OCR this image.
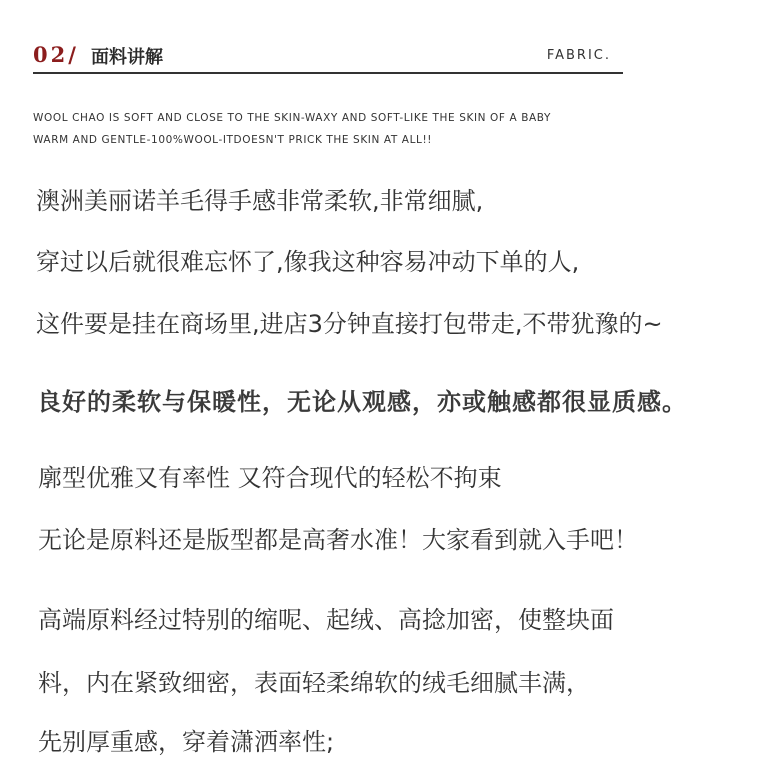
02/ 面料讲解	FABRIC.
WOOL CHAO IS SOFT AND CLOSE TO THE SKIN-WAXY AND SOFT-LIKE THE SKIN OF A BABY
WARM AND GENTLE-100%WOOL-ITDOESN'T PRICK THE SKIN AT ALL!!
澳洲美丽诺羊毛得手感非常柔软,非常细腻,
穿过以后就很难忘怀了,像我这种容易冲动下单的人,
这件要是挂在商场里,进店3分钟直接打包带走,不带犹豫的~
良好的柔软与保暖性，无论从观感，亦或触感都很显质感。
廓型优雅又有率性 又符合现代的轻松不拘束
无论是原料还是版型都是高奢水准！大家看到就入手吧！
高端原料经过特别的缩呢、起绒、高捻加密，使整块面
料，内在紧致细密，表面轻柔绵软的绒毛细腻丰满，
先别厚重感，穿着潇洒率性;
